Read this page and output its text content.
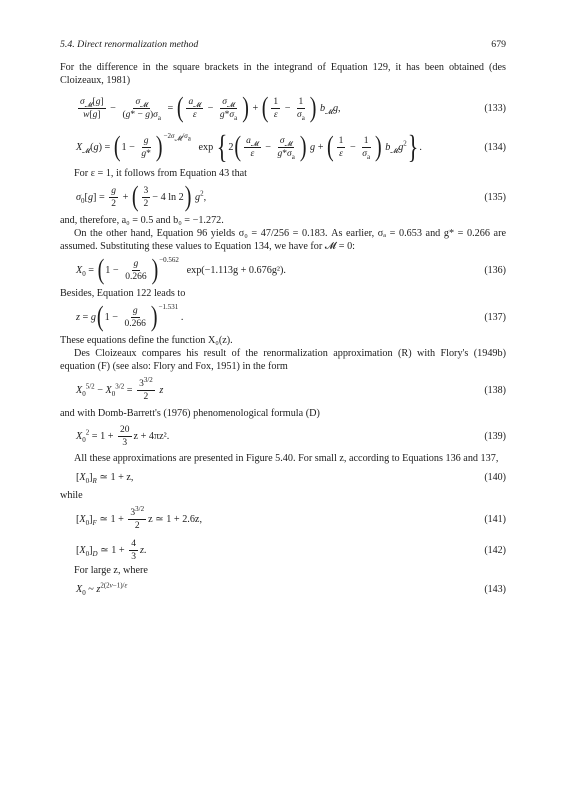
5.4. Direct renormalization method	679

For the difference in the square brackets in the integrand of Equation 129, it has been obtained (des Cloizeaux, 1981)

$\frac{\sigma_𝓜[g]}{w[g]} - \frac{\sigma_𝓜}{(g* - g)\sigma_a}$ = ( $\frac{a_𝓜}{\varepsilon} - \frac{\sigma_𝓜}{g*\sigma_a}$ ) + ( $\frac{1}{\varepsilon} - \frac{1}{\sigma_a}$ ) $b_𝓜g$,	(133)
$X_𝓜(g)$ = ( $1 - \frac{g}{g*} )^{-2\sigma_𝓜/\sigma_a}$
exp { 2 ( $\frac{a_𝓜}{\varepsilon} - \frac{\sigma_𝓜}{g*\sigma_a}$ ) g + ( $\frac{1}{\varepsilon} - \frac{1}{\sigma_a}$ ) $b_𝓜g^2$ } .	(134)

For ε = 1, it follows from Equation 43 that

$\sigma_0[g] = \frac{g}{2}$ + ( $\frac{3}{2} - 4$ ln 2 ) $g^2$,	(135)

and, therefore, a₀ = 0.5 and b₀ = −1.272.

On the other hand, Equation 96 yields σ₀ = 47/256 = 0.183. As earlier, σₐ = 0.653 and g* = 0.266 are assumed. Substituting these values to Equation 134, we have for 𝓜 = 0:

$X_0$ = ( $1 - \frac{g}{0.266} )^{-0.562}$

exp(−1.113g + 0.676g²).	(136)

Besides, Equation 122 leads to

z = g ( $1 - \frac{g}{0.266} )^{-1.531}$
.	(137)

These equations define the function X₀(z).

Des Cloizeaux compares his result of the renormalization approximation (R) with Flory's (1949b) equation (F) (see also: Flory and Fox, 1951) in the form

$X_0^{5/2} - X_0^{3/2} = \frac{3^{3/2}}{2}$ z	(138)

and with Domb-Barrett's (1976) phenomenological formula (D)

$X_0^2 = 1 + \frac{20}{3}$ z + 4πz².	(139)

All these approximations are presented in Figure 5.40. For small z, according to Equations 136 and 137,

$[X_0]_R$ ≃ 1 + z,	(140)

while

$[X_0]_F$ ≃ $1 + \frac{3^{3/2}}{2}$ z ≃ 1 + 2.6z,	(141)
$[X_0]_D$ ≃ $1 + \frac{4}{3} z$.	(142)

For large z, where

$X_0$ ~ $z^{2(2\nu-1)/\varepsilon}$	(143)
